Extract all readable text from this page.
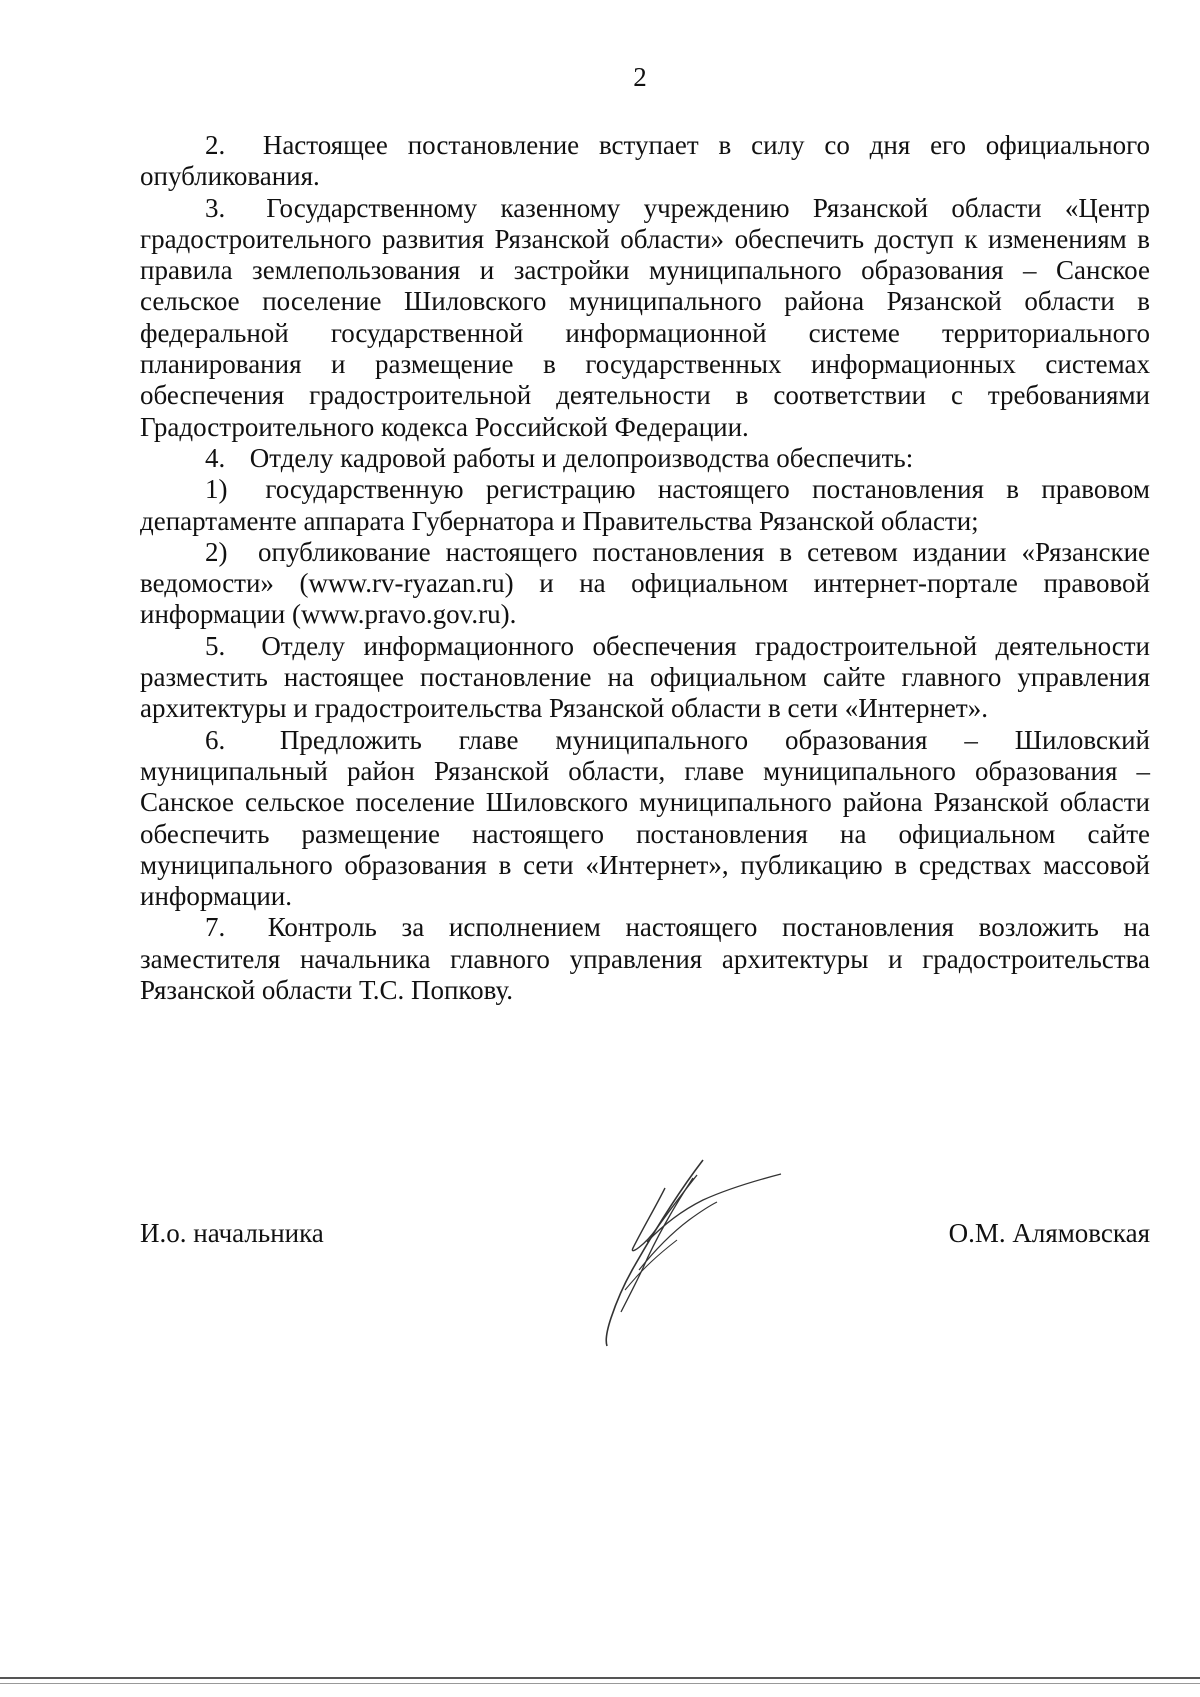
2

2. Настоящее постановление вступает в силу со дня его официального опубликования.

3. Государственному казенному учреждению Рязанской области «Центр градостроительного развития Рязанской области» обеспечить доступ к изменениям в правила землепользования и застройки муниципального образования – Санское сельское поселение Шиловского муниципального района Рязанской области в федеральной государственной информационной системе территориального планирования и размещение в государственных информационных системах обеспечения градостроительной деятельности в соответствии с требованиями Градостроительного кодекса Российской Федерации.

4. Отделу кадровой работы и делопроизводства обеспечить:

1) государственную регистрацию настоящего постановления в правовом департаменте аппарата Губернатора и Правительства Рязанской области;

2) опубликование настоящего постановления в сетевом издании «Рязанские ведомости» (www.rv-ryazan.ru) и на официальном интернет-портале правовой информации (www.pravo.gov.ru).

5. Отделу информационного обеспечения градостроительной деятельности разместить настоящее постановление на официальном сайте главного управления архитектуры и градостроительства Рязанской области в сети «Интернет».

6. Предложить главе муниципального образования – Шиловский муниципальный район Рязанской области, главе муниципального образования – Санское сельское поселение Шиловского муниципального района Рязанской области обеспечить размещение настоящего постановления на официальном сайте муниципального образования в сети «Интернет», публикацию в средствах массовой информации.

7. Контроль за исполнением настоящего постановления возложить на заместителя начальника главного управления архитектуры и градостроительства Рязанской области Т.С. Попкову.

И.о. начальника	О.М. Алямовская
